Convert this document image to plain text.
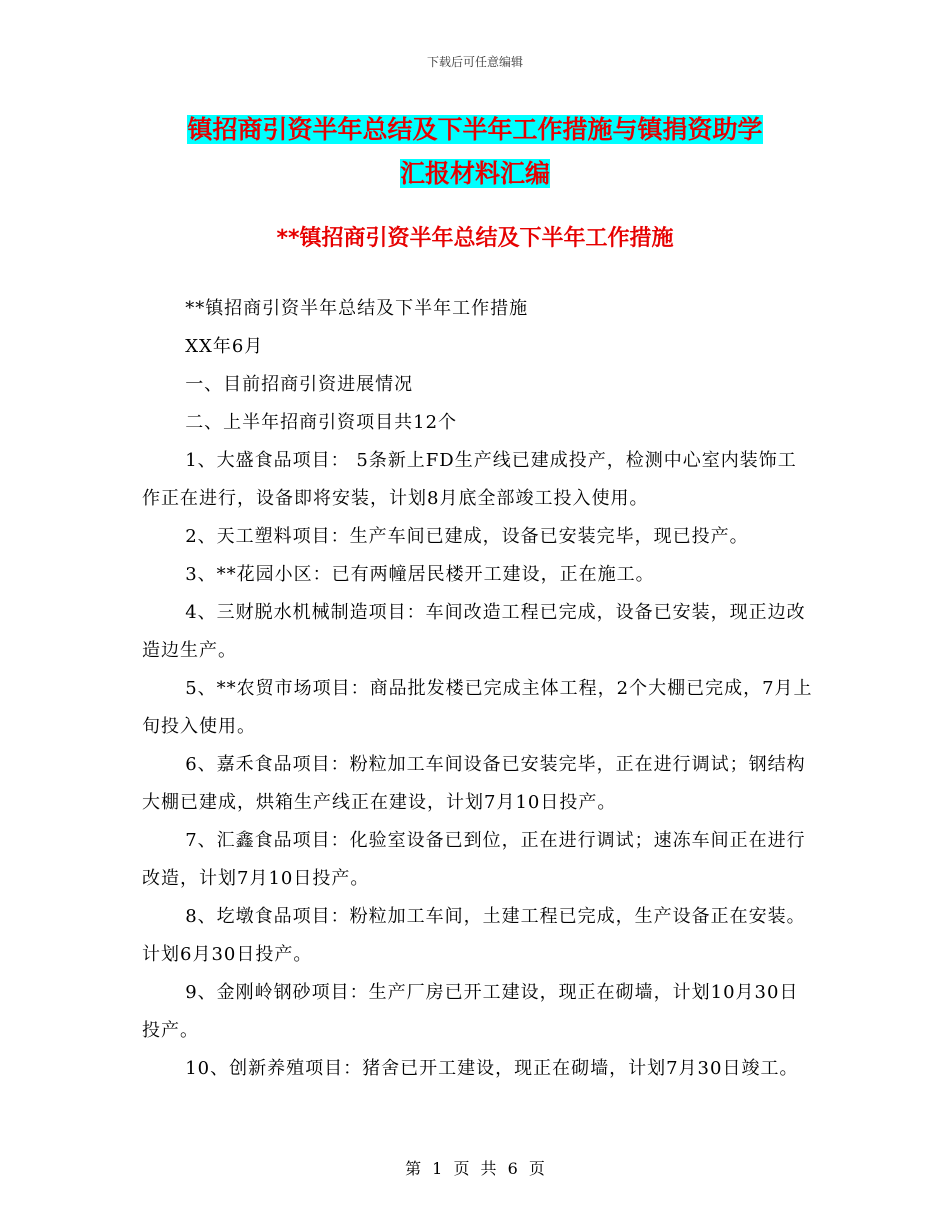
下载后可任意编辑
镇招商引资半年总结及下半年工作措施与镇捐资助学
汇报材料汇编
**镇招商引资半年总结及下半年工作措施

**镇招商引资半年总结及下半年工作措施

XX年6月

一、目前招商引资进展情况

二、上半年招商引资项目共12个

1、大盛食品项目： 5条新上FD生产线已建成投产，检测中心室内装饰工作正在进行，设备即将安装，计划8月底全部竣工投入使用。

2、天工塑料项目：生产车间已建成，设备已安装完毕，现已投产。

3、**花园小区：已有两幢居民楼开工建设，正在施工。

4、三财脱水机械制造项目：车间改造工程已完成，设备已安装，现正边改造边生产。

5、**农贸市场项目：商品批发楼已完成主体工程，2个大棚已完成，7月上旬投入使用。

6、嘉禾食品项目：粉粒加工车间设备已安装完毕，正在进行调试；钢结构大棚已建成，烘箱生产线正在建设，计划7月10日投产。

7、汇鑫食品项目：化验室设备已到位，正在进行调试；速冻车间正在进行改造，计划7月10日投产。

8、圪墩食品项目：粉粒加工车间，土建工程已完成，生产设备正在安装。计划6月30日投产。

9、金刚岭钢砂项目：生产厂房已开工建设，现正在砌墙，计划10月30日投产。

10、创新养殖项目：猪舍已开工建设，现正在砌墙，计划7月30日竣工。

第 1 页 共 6 页
